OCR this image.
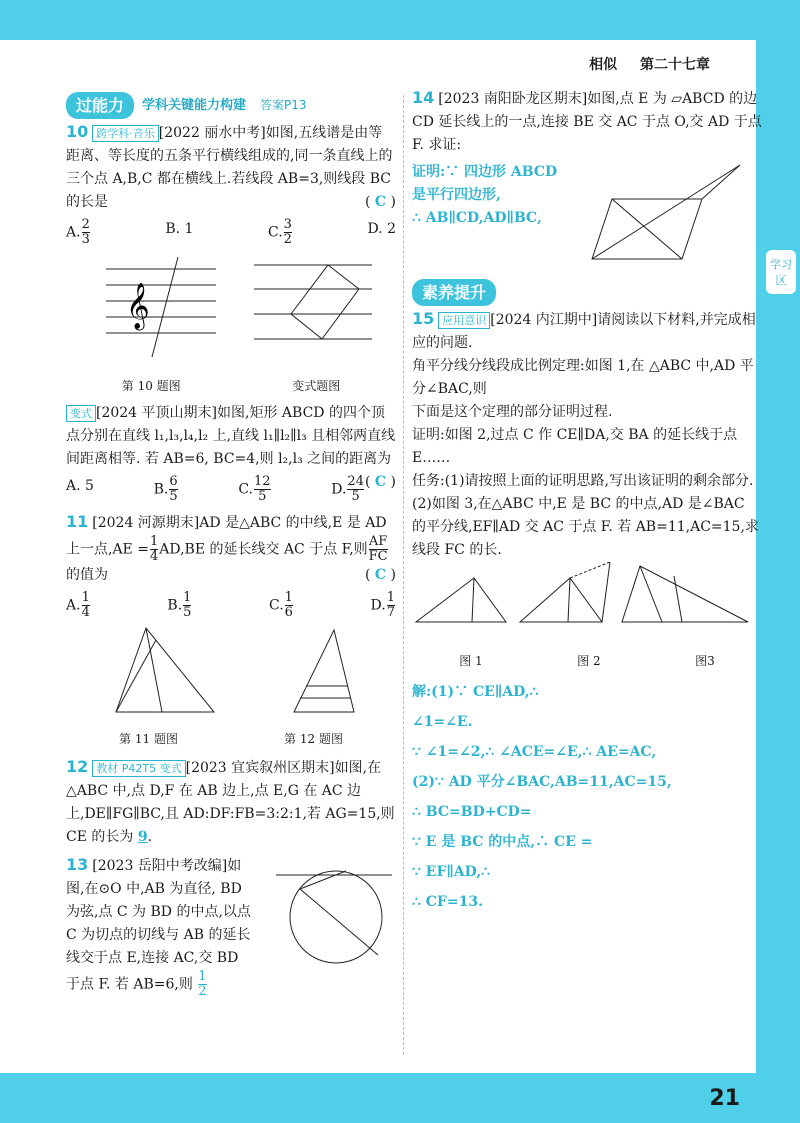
相似 第二十七章
学习区
过能力	学科关键能力构建 答案P13
10 跨学科·音乐 [2022 丽水中考]如图,五线谱是由等距离、等长度的五条平行横线组成的,同一条直线上的三个点 A,B,C 都在横线上.若线段 AB=3,则线段 BC 的长是	( C )
A. $\frac{2}{3}$	B. 1	C. $\frac{3}{2}$	D. 2
𝄞
第 10 题图	变式题图
变式 [2024 平顶山期末]如图,矩形 ABCD 的四个顶点分别在直线 l₁,l₃,l₄,l₂ 上,直线 l₁∥l₂∥l₃ 且相邻两直线间距离相等. 若 AB=6, BC=4,则 l₂,l₃ 之间的距离为
( C )
A. 5	B. $\frac{6}{5}$	C. $\frac{12}{5}$	D. $\frac{24}{5}$
11 [2024 河源期末]AD 是△ABC 的中线,E 是 AD 上一点$,AE = \frac{1}{4} AD,BE$ 的延长线交 AC 于点 F,则 $\frac{AF}{FC}$
的值为	( C )
A. $\frac{1}{4}$	B. $\frac{1}{5}$	C. $\frac{1}{6}$	D. $\frac{1}{7}$
第 11 题图	第 12 题图
12 教材 P42T5 变式 [2023 宜宾叙州区期末]如图,在△ABC 中,点 D,F 在 AB 边上,点 E,G 在 AC 边上,DE∥FG∥BC,且 AD:DF:FB=3:2:1,若 AG=15,则 CE 的长为 9.
13 [2023 岳阳中考改编]如图,在⊙O 中,AB 为直径, BD 为弦,点 C 为 BD 的中点,以点 C 为切点的切线与 AB 的延长线交于点 E,连接 AC,交 BD 于点 F. 若 AB=6,则 $\frac{1}{2}$
14 [2023 南阳卧龙区期末]如图,点 E 为 ▱ABCD 的边 CD 延长线上的一点,连接 BE 交 AC 于点 O,交 AD 于点 F. 求证:
证明:∵ 四边形 ABCD
是平行四边形,
∴ AB∥CD,AD∥BC,
素养提升
15 应用意识 [2024 内江期中]请阅读以下材料,并完成相应的问题.
角平分线分线段成比例定理:如图 1,在 △ABC 中,AD 平分∠BAC,则
下面是这个定理的部分证明过程.
证明:如图 2,过点 C 作 CE∥DA,交 BA 的延长线于点 E……
任务:(1)请按照上面的证明思路,写出该证明的剩余部分.
(2)如图 3,在△ABC 中,E 是 BC 的中点,AD 是∠BAC 的平分线,EF∥AD 交 AC 于点 F. 若 AB=11,AC=15,求线段 FC 的长.
图 1	图 2	图3
解:(1)∵ CE∥AD,∴
∠1=∠E.
∵ ∠1=∠2,∴ ∠ACE=∠E,∴ AE=AC,
(2)∵ AD 平分∠BAC,AB=11,AC=15,
∴ BC=BD+CD=
∵ E 是 BC 的中点,∴ CE =
∵ EF∥AD,∴
∴ CF=13.
21
